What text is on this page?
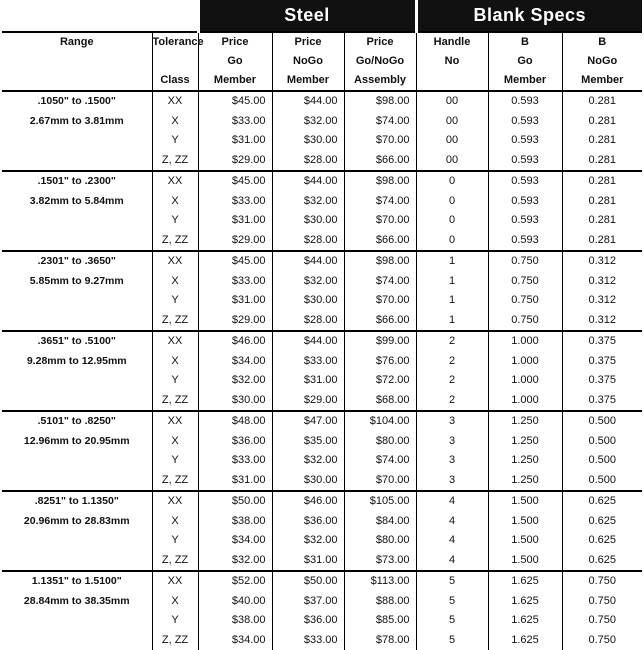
		Steel			Blank Specs		
Range	Tolerance	Price	Price	Price	Handle	B	B
		Go	NoGo	Go/NoGo	No	Go	NoGo
	Class	Member	Member	Assembly		Member	Member
.1050" to .1500"	XX	$45.00	$44.00	$98.00	00	0.593	0.281
2.67mm to 3.81mm	X	$33.00	$32.00	$74.00	00	0.593	0.281
	Y	$31.00	$30.00	$70.00	00	0.593	0.281
	Z, ZZ	$29.00	$28.00	$66.00	00	0.593	0.281
.1501" to .2300"	XX	$45.00	$44.00	$98.00	0	0.593	0.281
3.82mm to 5.84mm	X	$33.00	$32.00	$74.00	0	0.593	0.281
	Y	$31.00	$30.00	$70.00	0	0.593	0.281
	Z, ZZ	$29.00	$28.00	$66.00	0	0.593	0.281
.2301" to .3650"	XX	$45.00	$44.00	$98.00	1	0.750	0.312
5.85mm to 9.27mm	X	$33.00	$32.00	$74.00	1	0.750	0.312
	Y	$31.00	$30.00	$70.00	1	0.750	0.312
	Z, ZZ	$29.00	$28.00	$66.00	1	0.750	0.312
.3651" to .5100"	XX	$46.00	$44.00	$99.00	2	1.000	0.375
9.28mm to 12.95mm	X	$34.00	$33.00	$76.00	2	1.000	0.375
	Y	$32.00	$31.00	$72.00	2	1.000	0.375
	Z, ZZ	$30.00	$29.00	$68.00	2	1.000	0.375
.5101" to .8250"	XX	$48.00	$47.00	$104.00	3	1.250	0.500
12.96mm to 20.95mm	X	$36.00	$35.00	$80.00	3	1.250	0.500
	Y	$33.00	$32.00	$74.00	3	1.250	0.500
	Z, ZZ	$31.00	$30.00	$70.00	3	1.250	0.500
.8251" to 1.1350"	XX	$50.00	$46.00	$105.00	4	1.500	0.625
20.96mm to 28.83mm	X	$38.00	$36.00	$84.00	4	1.500	0.625
	Y	$34.00	$32.00	$80.00	4	1.500	0.625
	Z, ZZ	$32.00	$31.00	$73.00	4	1.500	0.625
1.1351" to 1.5100"	XX	$52.00	$50.00	$113.00	5	1.625	0.750
28.84mm to 38.35mm	X	$40.00	$37.00	$88.00	5	1.625	0.750
	Y	$38.00	$36.00	$85.00	5	1.625	0.750
	Z, ZZ	$34.00	$33.00	$78.00	5	1.625	0.750
